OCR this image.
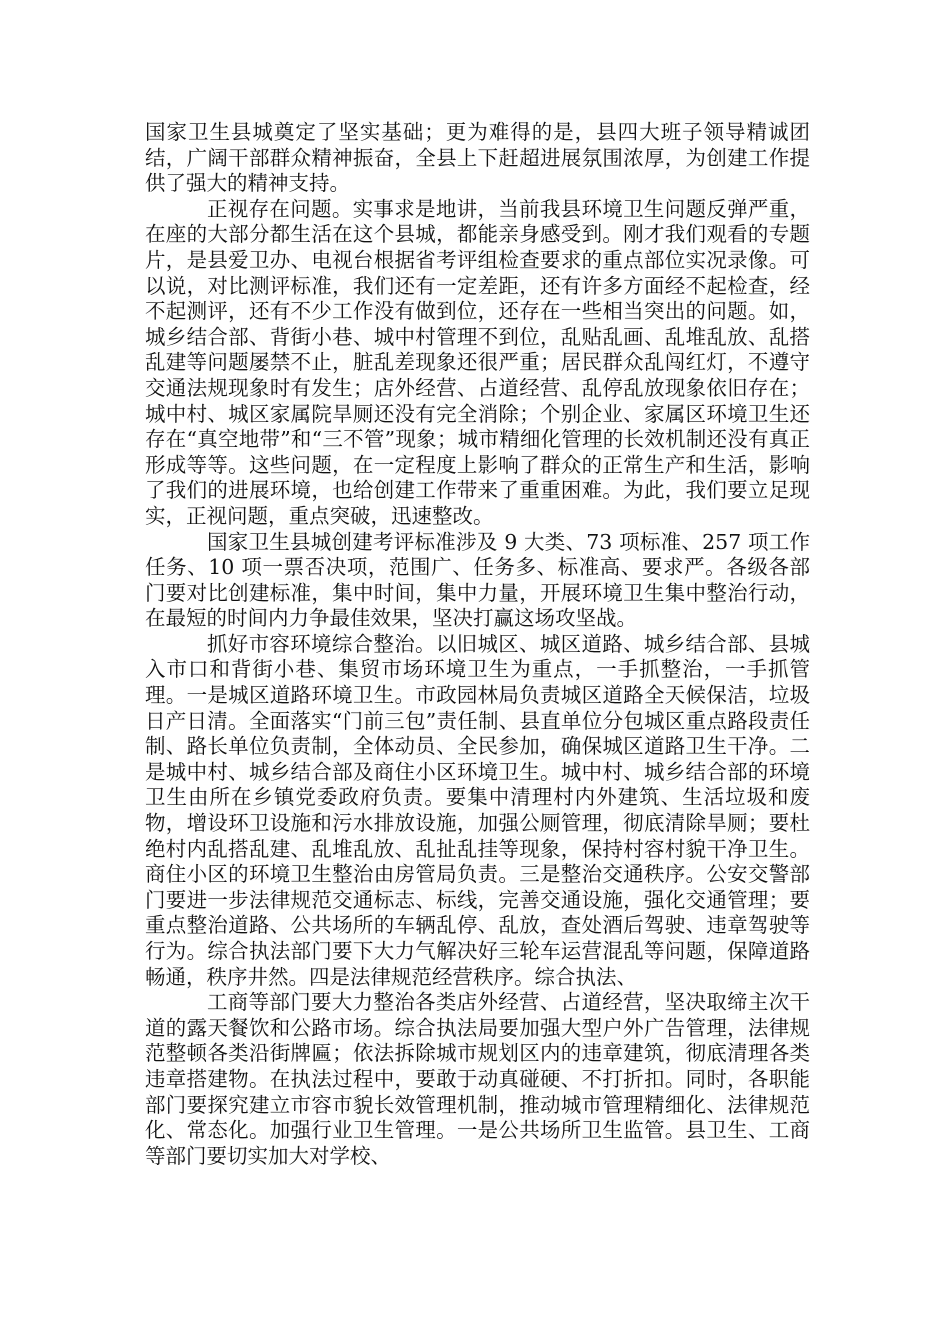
国家卫生县城奠定了坚实基础；更为难得的是，县四大班子领导精诚团结，广阔干部群众精神振奋，全县上下赶超进展氛围浓厚，为创建工作提供了强大的精神支持。

正视存在问题。实事求是地讲，当前我县环境卫生问题反弹严重，在座的大部分都生活在这个县城，都能亲身感受到。刚才我们观看的专题片，是县爱卫办、电视台根据省考评组检查要求的重点部位实况录像。可以说，对比测评标准，我们还有一定差距，还有许多方面经不起检查，经不起测评，还有不少工作没有做到位，还存在一些相当突出的问题。如，城乡结合部、背街小巷、城中村管理不到位，乱贴乱画、乱堆乱放、乱搭乱建等问题屡禁不止，脏乱差现象还很严重；居民群众乱闯红灯，不遵守交通法规现象时有发生；店外经营、占道经营、乱停乱放现象依旧存在；城中村、城区家属院旱厕还没有完全消除；个别企业、家属区环境卫生还存在“真空地带”和“三不管”现象；城市精细化管理的长效机制还没有真正形成等等。这些问题，在一定程度上影响了群众的正常生产和生活，影响了我们的进展环境，也给创建工作带来了重重困难。为此，我们要立足现实，正视问题，重点突破，迅速整改。

国家卫生县城创建考评标准涉及 9 大类、73 项标准、257 项工作任务、10 项一票否决项，范围广、任务多、标准高、要求严。各级各部门要对比创建标准，集中时间，集中力量，开展环境卫生集中整治行动，在最短的时间内力争最佳效果，坚决打赢这场攻坚战。

抓好市容环境综合整治。以旧城区、城区道路、城乡结合部、县城入市口和背街小巷、集贸市场环境卫生为重点，一手抓整治，一手抓管理。一是城区道路环境卫生。市政园林局负责城区道路全天候保洁，垃圾日产日清。全面落实“门前三包”责任制、县直单位分包城区重点路段责任制、路长单位负责制，全体动员、全民参加，确保城区道路卫生干净。二是城中村、城乡结合部及商住小区环境卫生。城中村、城乡结合部的环境卫生由所在乡镇党委政府负责。要集中清理村内外建筑、生活垃圾和废物，增设环卫设施和污水排放设施，加强公厕管理，彻底清除旱厕；要杜绝村内乱搭乱建、乱堆乱放、乱扯乱挂等现象，保持村容村貌干净卫生。商住小区的环境卫生整治由房管局负责。三是整治交通秩序。公安交警部门要进一步法律规范交通标志、标线，完善交通设施，强化交通管理；要重点整治道路、公共场所的车辆乱停、乱放，查处酒后驾驶、违章驾驶等行为。综合执法部门要下大力气解决好三轮车运营混乱等问题，保障道路畅通，秩序井然。四是法律规范经营秩序。综合执法、

工商等部门要大力整治各类店外经营、占道经营，坚决取缔主次干道的露天餐饮和公路市场。综合执法局要加强大型户外广告管理，法律规范整顿各类沿街牌匾；依法拆除城市规划区内的违章建筑，彻底清理各类违章搭建物。在执法过程中，要敢于动真碰硬、不打折扣。同时，各职能部门要探究建立市容市貌长效管理机制，推动城市管理精细化、法律规范化、常态化。加强行业卫生管理。一是公共场所卫生监管。县卫生、工商等部门要切实加大对学校、
